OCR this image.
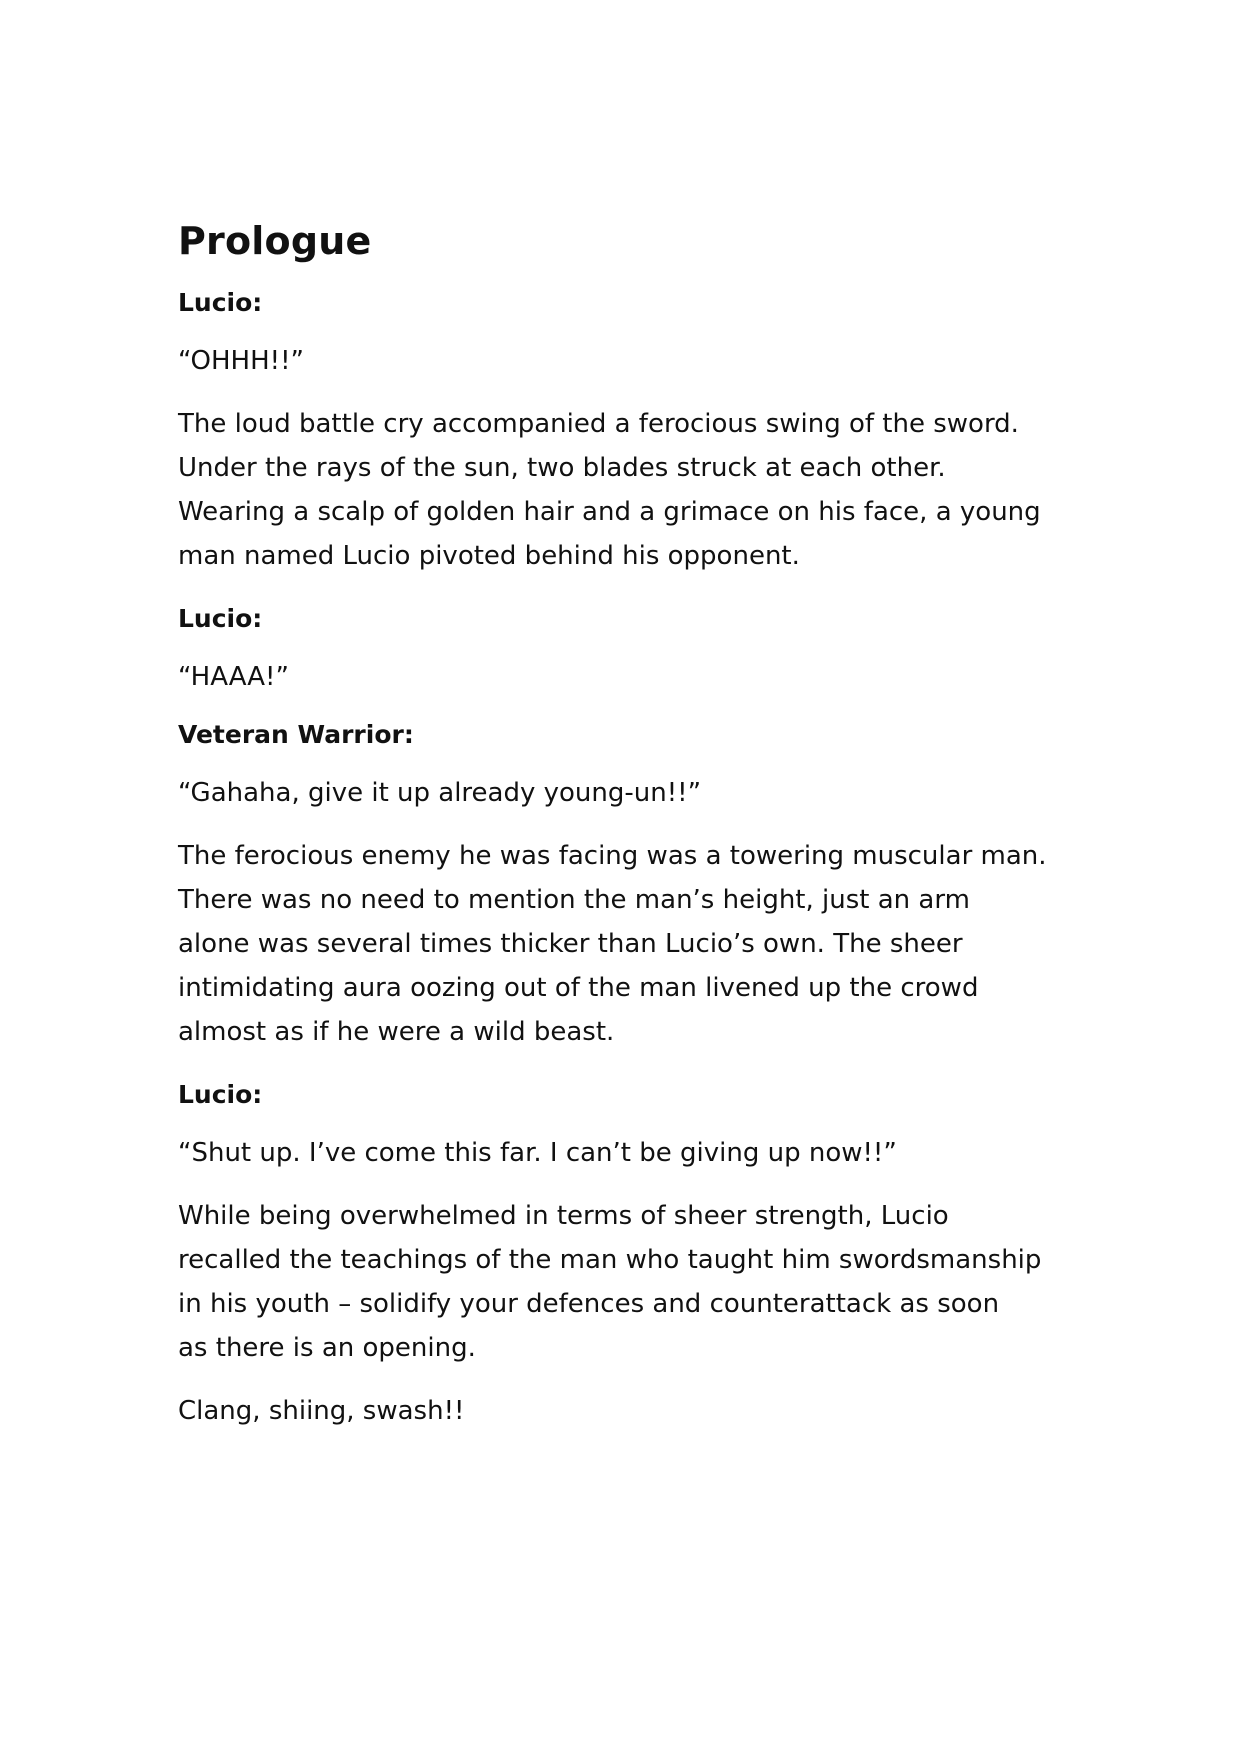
Prologue

Lucio:

“OHHH!!”

The loud battle cry accompanied a ferocious swing of the sword.
Under the rays of the sun, two blades struck at each other.
Wearing a scalp of golden hair and a grimace on his face, a young
man named Lucio pivoted behind his opponent.

Lucio:

“HAAA!”

Veteran Warrior:

“Gahaha, give it up already young-un!!”

The ferocious enemy he was facing was a towering muscular man.
There was no need to mention the man’s height, just an arm
alone was several times thicker than Lucio’s own. The sheer
intimidating aura oozing out of the man livened up the crowd
almost as if he were a wild beast.

Lucio:

“Shut up. I’ve come this far. I can’t be giving up now!!”

While being overwhelmed in terms of sheer strength, Lucio
recalled the teachings of the man who taught him swordsmanship
in his youth – solidify your defences and counterattack as soon
as there is an opening.

Clang, shiing, swash!!
